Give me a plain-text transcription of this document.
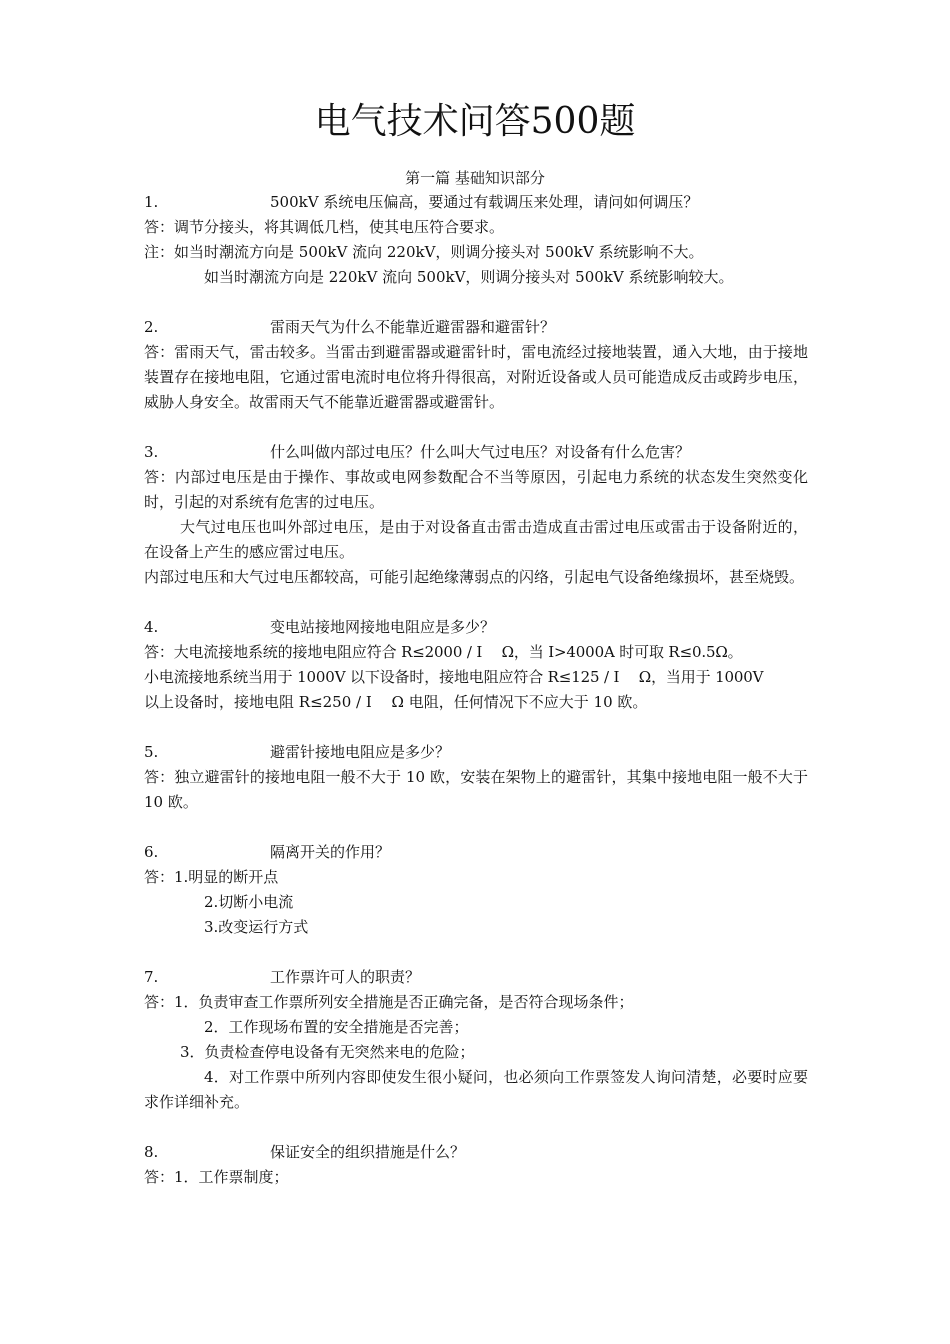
电气技术问答500题
第一篇 基础知识部分
1.	500kV 系统电压偏高，要通过有载调压来处理，请问如何调压？
答：调节分接头，将其调低几档，使其电压符合要求。
注：如当时潮流方向是 500kV 流向 220kV，则调分接头对 500kV 系统影响不大。
如当时潮流方向是 220kV 流向 500kV，则调分接头对 500kV 系统影响较大。
2.	雷雨天气为什么不能靠近避雷器和避雷针？
答：雷雨天气，雷击较多。当雷击到避雷器或避雷针时，雷电流经过接地装置，通入大地，由于接地装置存在接地电阻，它通过雷电流时电位将升得很高，对附近设备或人员可能造成反击或跨步电压，威胁人身安全。故雷雨天气不能靠近避雷器或避雷针。
3.	什么叫做内部过电压？什么叫大气过电压？对设备有什么危害？
答：内部过电压是由于操作、事故或电网参数配合不当等原因，引起电力系统的状态发生突然变化时，引起的对系统有危害的过电压。
大气过电压也叫外部过电压，是由于对设备直击雷击造成直击雷过电压或雷击于设备附近的，在设备上产生的感应雷过电压。
内部过电压和大气过电压都较高，可能引起绝缘薄弱点的闪络，引起电气设备绝缘损坏，甚至烧毁。
4.	变电站接地网接地电阻应是多少？
答：大电流接地系统的接地电阻应符合 R≤2000 / I　 Ω，当 I>4000A 时可取 R≤0.5Ω。
小电流接地系统当用于 1000V 以下设备时，接地电阻应符合 R≤125 / I　 Ω，当用于 1000V
以上设备时，接地电阻 R≤250 / I　 Ω 电阻，任何情况下不应大于 10 欧。
5.	避雷针接地电阻应是多少？
答：独立避雷针的接地电阻一般不大于 10 欧，安装在架物上的避雷针，其集中接地电阻一般不大于 10 欧。
6.	隔离开关的作用？
答：1.明显的断开点
2.切断小电流
3.改变运行方式
7.	工作票许可人的职责？
答：1．负责审查工作票所列安全措施是否正确完备，是否符合现场条件；
2．工作现场布置的安全措施是否完善；
3．负责检查停电设备有无突然来电的危险；
4．对工作票中所列内容即使发生很小疑问，也必须向工作票签发人询问清楚，必要时应要求作详细补充。
8.	保证安全的组织措施是什么？
答：1．工作票制度；
